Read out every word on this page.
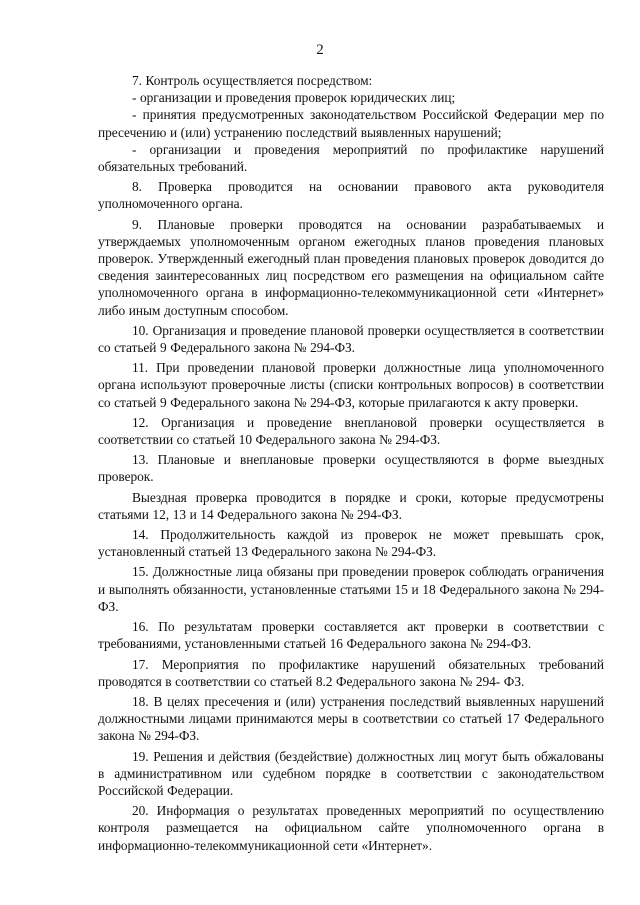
2

7. Контроль осуществляется посредством:

- организации и проведения проверок юридических лиц;

- принятия предусмотренных законодательством Российской Федерации мер по пресечению и (или) устранению последствий выявленных нарушений;

- организации и проведения мероприятий по профилактике нарушений обязательных требований.

8. Проверка проводится на основании правового акта руководителя уполномоченного органа.

9. Плановые проверки проводятся на основании разрабатываемых и утверждаемых уполномоченным органом ежегодных планов проведения плановых проверок. Утвержденный ежегодный план проведения плановых проверок доводится до сведения заинтересованных лиц посредством его размещения на официальном сайте уполномоченного органа в информационно-телекоммуникационной сети «Интернет» либо иным доступным способом.

10. Организация и проведение плановой проверки осуществляется в соответствии со статьей 9 Федерального закона № 294-ФЗ.

11. При проведении плановой проверки должностные лица уполномоченного органа используют проверочные листы (списки контрольных вопросов) в соответствии со статьей 9 Федерального закона № 294-ФЗ, которые прилагаются к акту проверки.

12. Организация и проведение внеплановой проверки осуществляется в соответствии со статьей 10 Федерального закона № 294-ФЗ.

13. Плановые и внеплановые проверки осуществляются в форме выездных проверок.

Выездная проверка проводится в порядке и сроки, которые предусмотрены статьями 12, 13 и 14 Федерального закона № 294-ФЗ.

14. Продолжительность каждой из проверок не может превышать срок, установленный статьей 13 Федерального закона № 294-ФЗ.

15. Должностные лица обязаны при проведении проверок соблюдать ограничения и выполнять обязанности, установленные статьями 15 и 18 Федерального закона № 294-ФЗ.

16. По результатам проверки составляется акт проверки в соответствии с требованиями, установленными статьей 16 Федерального закона № 294-ФЗ.

17. Мероприятия по профилактике нарушений обязательных требований проводятся в соответствии со статьей 8.2 Федерального закона № 294- ФЗ.

18. В целях пресечения и (или) устранения последствий выявленных нарушений должностными лицами принимаются меры в соответствии со статьей 17 Федерального закона № 294-ФЗ.

19. Решения и действия (бездействие) должностных лиц могут быть обжалованы в административном или судебном порядке в соответствии с законодательством Российской Федерации.

20. Информация о результатах проведенных мероприятий по осуществлению контроля размещается на официальном сайте уполномоченного органа в информационно-телекоммуникационной сети «Интернет».
